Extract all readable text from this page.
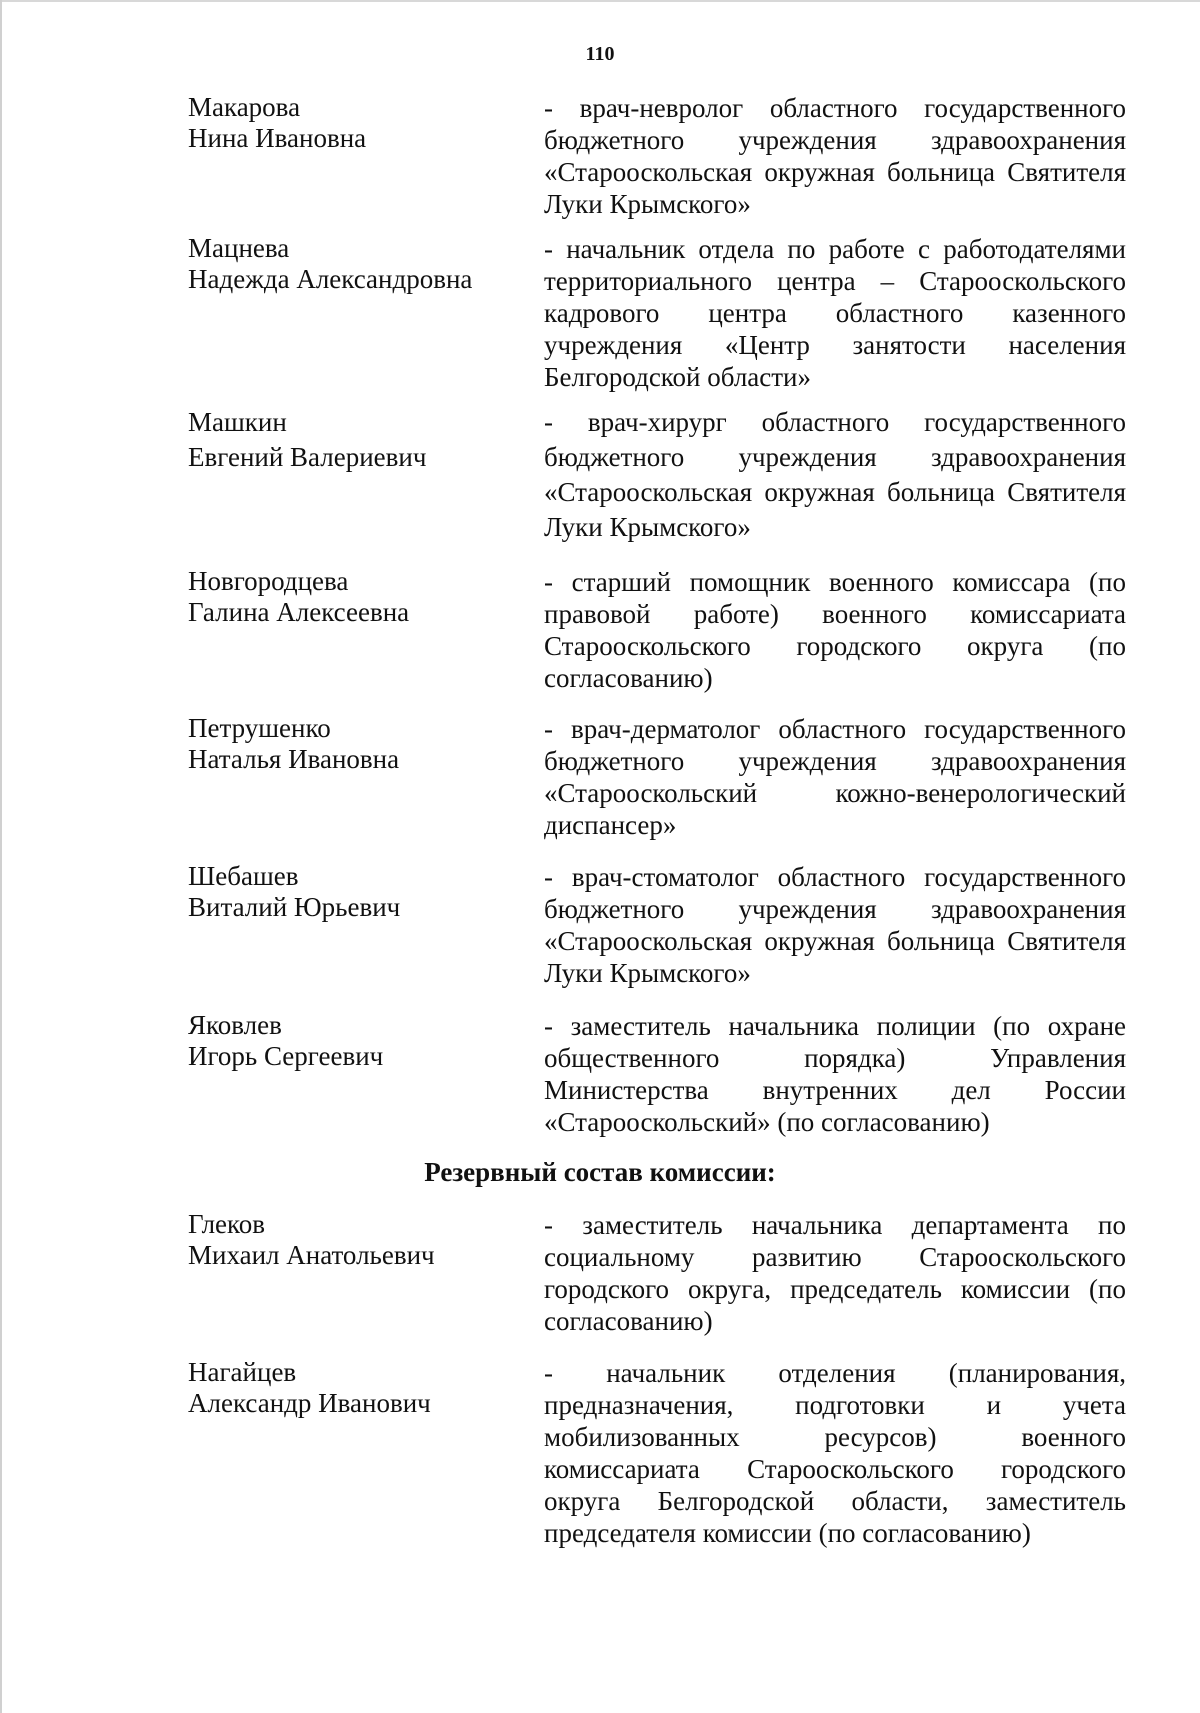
110
Макарова
Нина Ивановна
- врач-невролог областного государственного бюджетного учреждения здравоохранения «Старооскольская окружная больница Святителя Луки Крымского»
Мацнева
Надежда Александровна
- начальник отдела по работе с работодателями территориального центра – Старооскольского кадрового центра областного казенного учреждения «Центр занятости населения Белгородской области»
Машкин
Евгений Валериевич
- врач-хирург областного государственного бюджетного учреждения здравоохранения «Старооскольская окружная больница Святителя Луки Крымского»
Новгородцева
Галина Алексеевна
- старший помощник военного комиссара (по правовой работе) военного комиссариата Старооскольского городского округа (по согласованию)
Петрушенко
Наталья Ивановна
- врач-дерматолог областного государственного бюджетного учреждения здравоохранения «Старооскольский кожно-венерологический диспансер»
Шебашев
Виталий Юрьевич
- врач-стоматолог областного государственного бюджетного учреждения здравоохранения «Старооскольская окружная больница Святителя Луки Крымского»
Яковлев
Игорь Сергеевич
- заместитель начальника полиции (по охране общественного порядка) Управления Министерства внутренних дел России «Старооскольский» (по согласованию)
Резервный состав комиссии:
Глеков
Михаил Анатольевич
- заместитель начальника департамента по социальному развитию Старооскольского городского округа, председатель комиссии (по согласованию)
Нагайцев
Александр Иванович
- начальник отделения (планирования, предназначения, подготовки и учета мобилизованных ресурсов) военного комиссариата Старооскольского городского округа Белгородской области, заместитель председателя комиссии (по согласованию)
